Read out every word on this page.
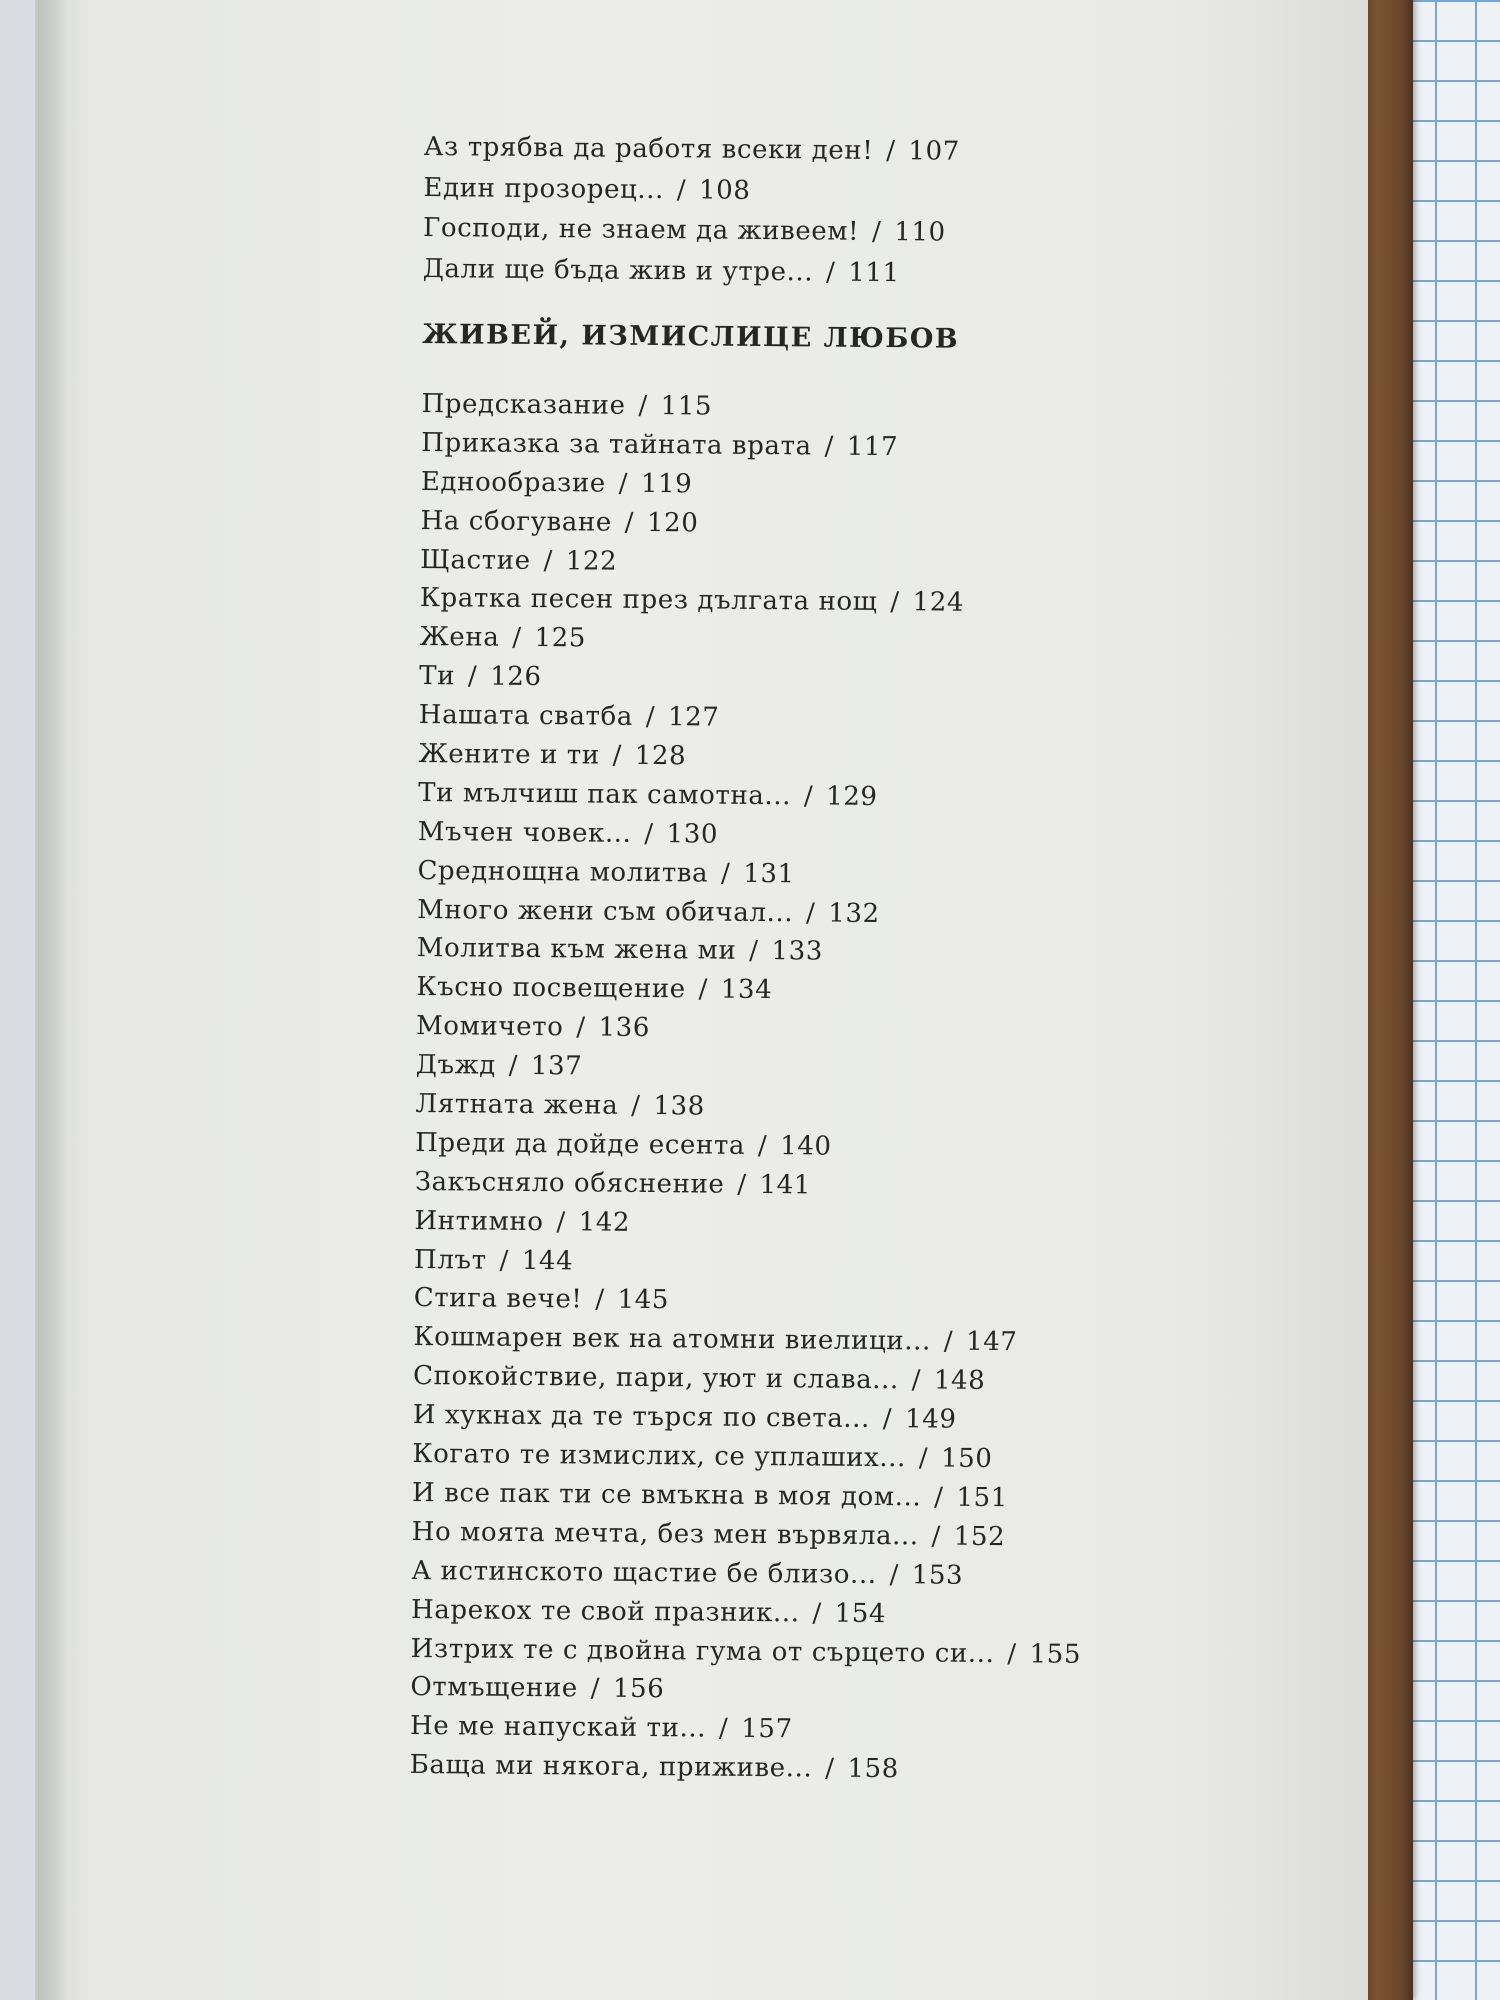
Аз трябва да работя всеки ден! / 107
Един прозорец... / 108
Господи, не знаем да живеем! / 110
Дали ще бъда жив и утре... / 111
ЖИВЕЙ, ИЗМИСЛИЦЕ ЛЮБОВ
Предсказание / 115
Приказка за тайната врата / 117
Еднообразие / 119
На сбогуване / 120
Щастие / 122
Кратка песен през дългата нощ / 124
Жена / 125
Ти / 126
Нашата сватба / 127
Жените и ти / 128
Ти мълчиш пак самотна... / 129
Мъчен човек... / 130
Среднощна молитва / 131
Много жени съм обичал... / 132
Молитва към жена ми / 133
Късно посвещение / 134
Момичето / 136
Дъжд / 137
Лятната жена / 138
Преди да дойде есента / 140
Закъсняло обяснение / 141
Интимно / 142
Плът / 144
Стига вече! / 145
Кошмарен век на атомни виелици... / 147
Спокойствие, пари, уют и слава... / 148
И хукнах да те търся по света... / 149
Когато те измислих, се уплаших... / 150
И все пак ти се вмъкна в моя дом... / 151
Но моята мечта, без мен вървяла... / 152
А истинското щастие бе близо... / 153
Нарекох те свой празник... / 154
Изтрих те с двойна гума от сърцето си... / 155
Отмъщение / 156
Не ме напускай ти... / 157
Баща ми някога, приживе... / 158
